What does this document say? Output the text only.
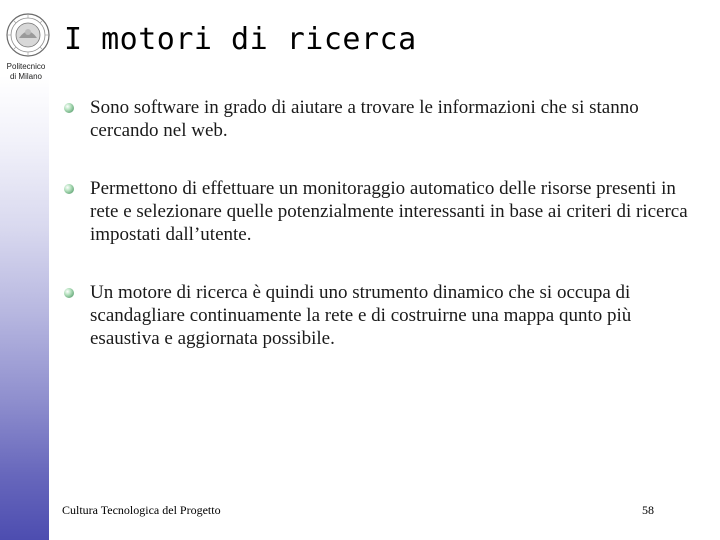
Politecnico
di Milano
I motori di ricerca
Sono software in grado di aiutare a trovare le informazioni che si stanno cercando nel web.
Permettono di effettuare un monitoraggio automatico delle risorse presenti in rete e selezionare quelle potenzialmente interessanti in base ai criteri di ricerca impostati dall’utente.
Un motore di ricerca è quindi uno strumento dinamico che si occupa di scandagliare continuamente la rete e di costruirne una mappa qunto più esaustiva e aggiornata possibile.
Cultura Tecnologica del Progetto	58
